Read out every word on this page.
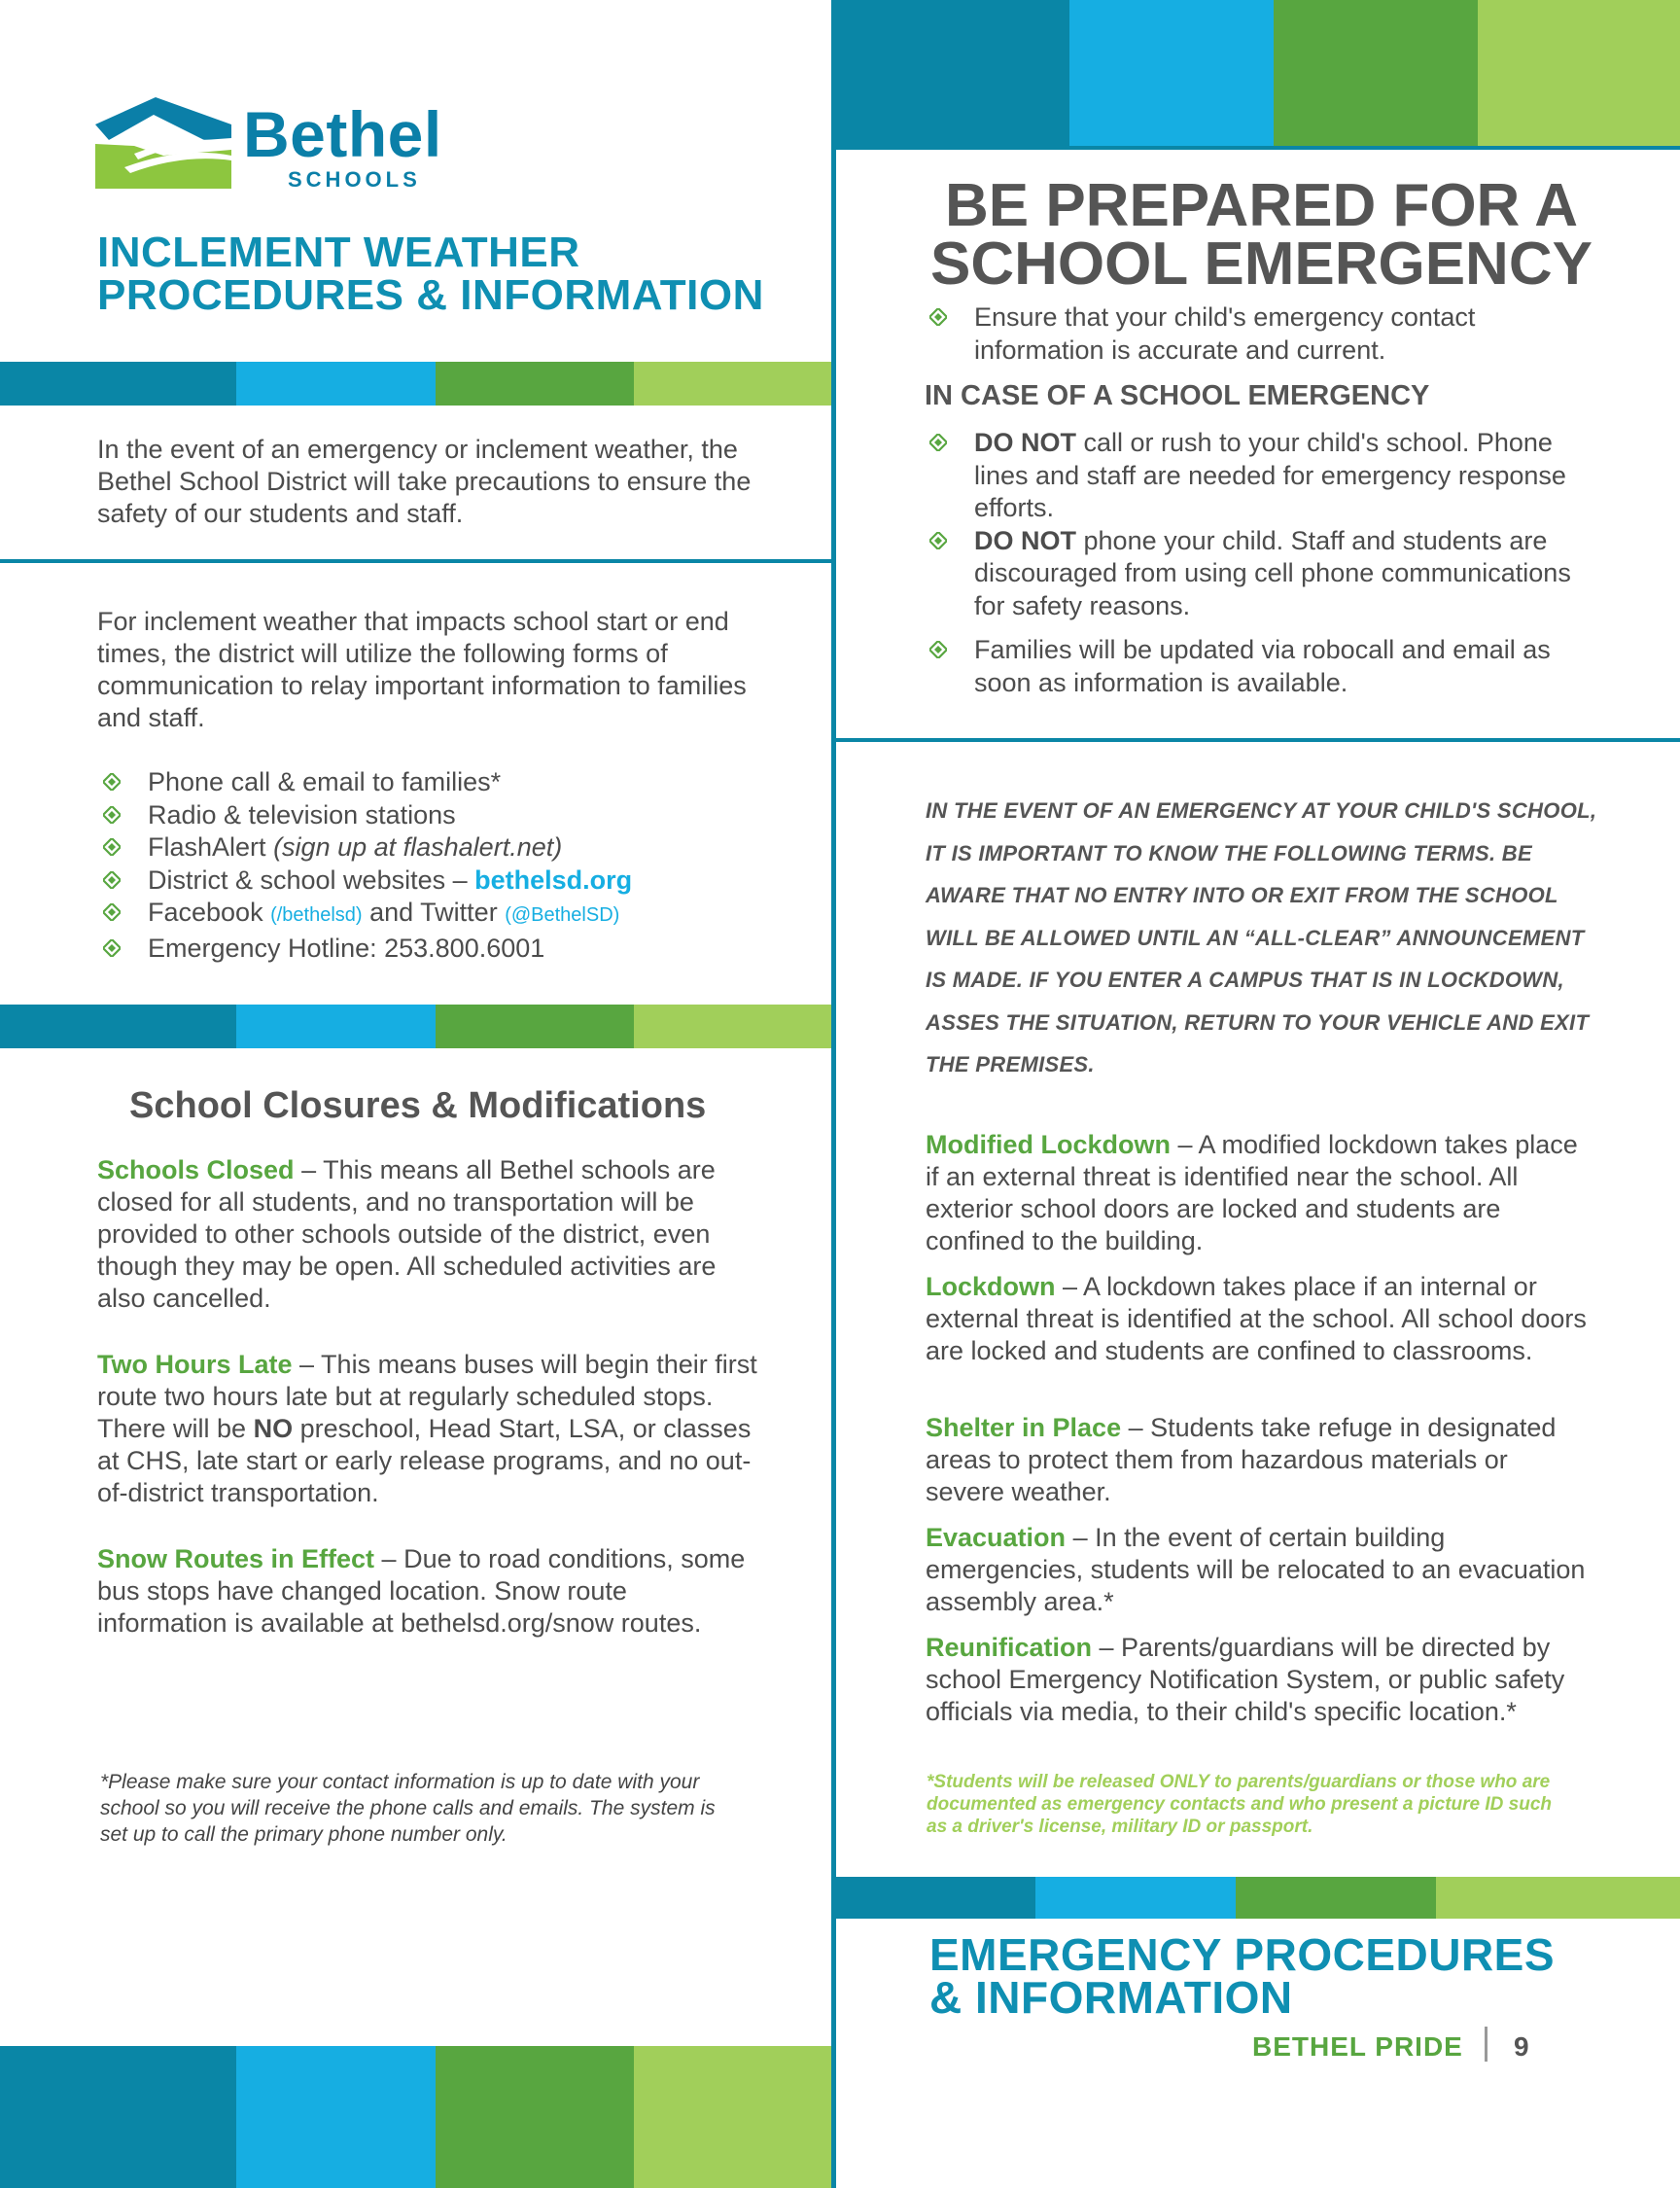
Bethel
SCHOOLS
INCLEMENT WEATHER
PROCEDURES & INFORMATION

In the event of an emergency or inclement weather, the Bethel School District will take precautions to ensure the safety of our students and staff.

For inclement weather that impacts school start or end times, the district will utilize the following forms of communication to relay important information to families and staff.

Phone call & email to families*
Radio & television stations
FlashAlert (sign up at flashalert.net)
District & school websites – bethelsd.org
Facebook (/bethelsd) and Twitter (@BethelSD)
Emergency Hotline: 253.800.6001
School Closures & Modifications

Schools Closed – This means all Bethel schools are closed for all students, and no transportation will be provided to other schools outside of the district, even though they may be open. All scheduled activities are also cancelled.

Two Hours Late – This means buses will begin their first route two hours late but at regularly scheduled stops. There will be NO preschool, Head Start, LSA, or classes at CHS, late start or early release programs, and no out-of-district transportation.

Snow Routes in Effect – Due to road conditions, some bus stops have changed location. Snow route information is available at bethelsd.org/snow routes.

*Please make sure your contact information is up to date with your school so you will receive the phone calls and emails. The system is set up to call the primary phone number only.

BE PREPARED FOR A
SCHOOL EMERGENCY
Ensure that your child's emergency contact information is accurate and current.
IN CASE OF A SCHOOL EMERGENCY
DO NOT call or rush to your child's school. Phone lines and staff are needed for emergency response efforts.
DO NOT phone your child. Staff and students are discouraged from using cell phone communications for safety reasons.
Families will be updated via robocall and email as soon as information is available.

IN THE EVENT OF AN EMERGENCY AT YOUR CHILD'S SCHOOL, IT IS IMPORTANT TO KNOW THE FOLLOWING TERMS. BE AWARE THAT NO ENTRY INTO OR EXIT FROM THE SCHOOL WILL BE ALLOWED UNTIL AN “ALL-CLEAR” ANNOUNCEMENT IS MADE. IF YOU ENTER A CAMPUS THAT IS IN LOCKDOWN, ASSES THE SITUATION, RETURN TO YOUR VEHICLE AND EXIT THE PREMISES.

Modified Lockdown – A modified lockdown takes place if an external threat is identified near the school. All exterior school doors are locked and students are confined to the building.

Lockdown – A lockdown takes place if an internal or external threat is identified at the school. All school doors are locked and students are confined to classrooms.

Shelter in Place – Students take refuge in designated areas to protect them from hazardous materials or severe weather.

Evacuation – In the event of certain building emergencies, students will be relocated to an evacuation assembly area.*

Reunification – Parents/guardians will be directed by school Emergency Notification System, or public safety officials via media, to their child's specific location.*

*Students will be released ONLY to parents/guardians or those who are documented as emergency contacts and who present a picture ID such as a driver's license, military ID or passport.

EMERGENCY PROCEDURES
& INFORMATION
BETHEL PRIDE 9
